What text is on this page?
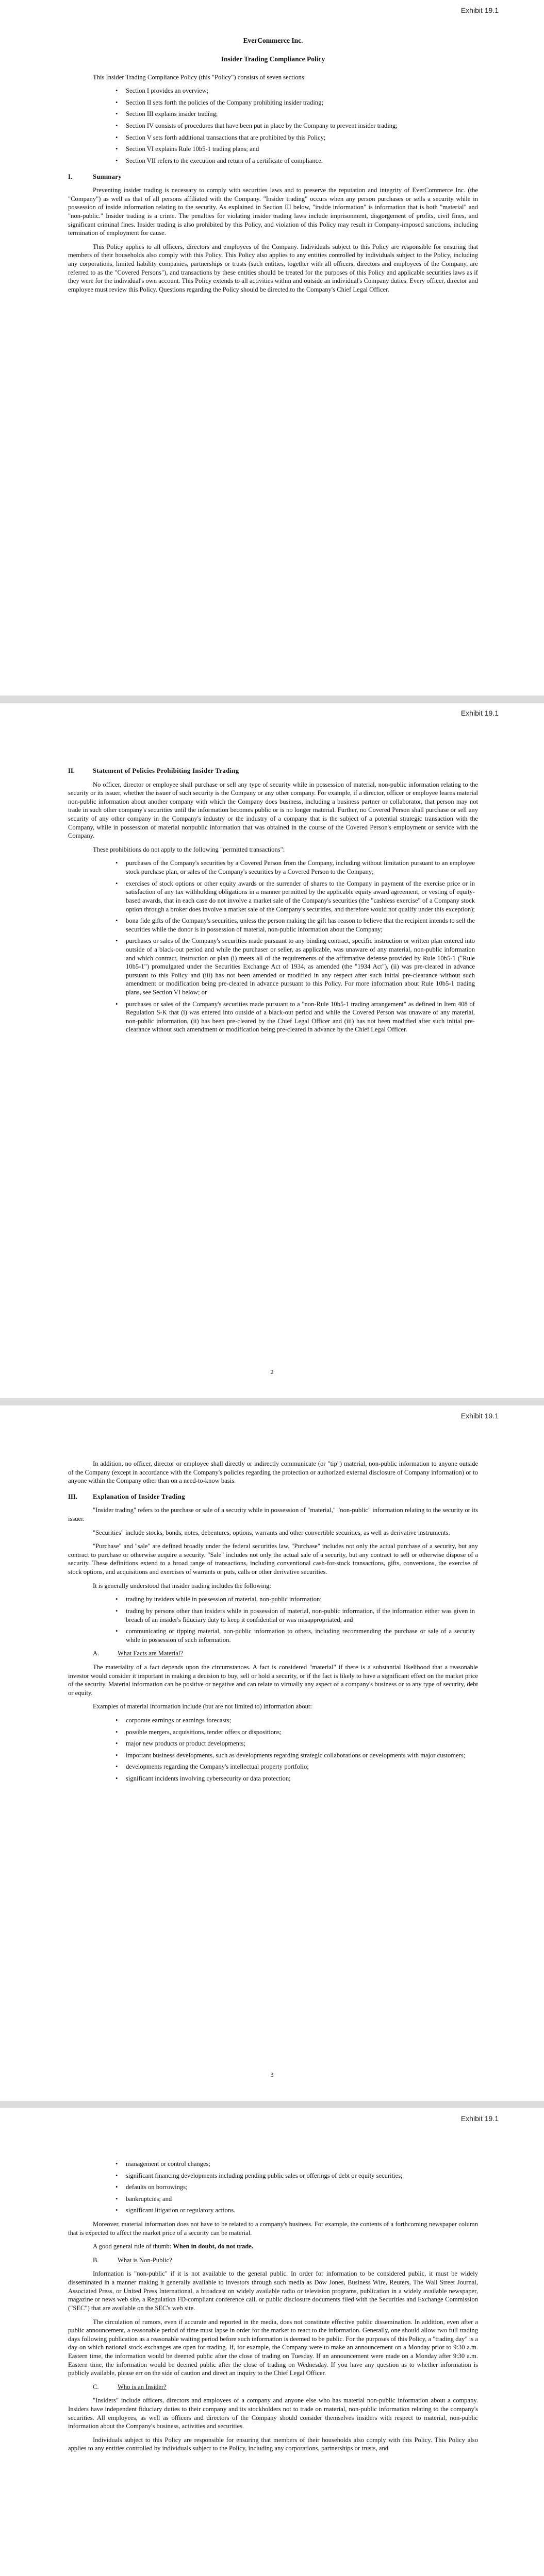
Exhibit 19.1
EverCommerce Inc.
Insider Trading Compliance Policy

This Insider Trading Compliance Policy (this "Policy") consists of seven sections:

• Section I provides an overview;
• Section II sets forth the policies of the Company prohibiting insider trading;
• Section III explains insider trading;
• Section IV consists of procedures that have been put in place by the Company to prevent insider trading;
• Section V sets forth additional transactions that are prohibited by this Policy;
• Section VI explains Rule 10b5-1 trading plans; and
• Section VII refers to the execution and return of a certificate of compliance.
I.	Summary

Preventing insider trading is necessary to comply with securities laws and to preserve the reputation and integrity of EverCommerce Inc. (the "Company") as well as that of all persons affiliated with the Company. "Insider trading" occurs when any person purchases or sells a security while in possession of inside information relating to the security. As explained in Section III below, "inside information" is information that is both "material" and "non-public." Insider trading is a crime. The penalties for violating insider trading laws include imprisonment, disgorgement of profits, civil fines, and significant criminal fines. Insider trading is also prohibited by this Policy, and violation of this Policy may result in Company-imposed sanctions, including termination of employment for cause.

This Policy applies to all officers, directors and employees of the Company. Individuals subject to this Policy are responsible for ensuring that members of their households also comply with this Policy. This Policy also applies to any entities controlled by individuals subject to the Policy, including any corporations, limited liability companies, partnerships or trusts (such entities, together with all officers, directors and employees of the Company, are referred to as the "Covered Persons"), and transactions by these entities should be treated for the purposes of this Policy and applicable securities laws as if they were for the individual's own account. This Policy extends to all activities within and outside an individual's Company duties. Every officer, director and employee must review this Policy. Questions regarding the Policy should be directed to the Company's Chief Legal Officer.

Exhibit 19.1
II.	Statement of Policies Prohibiting Insider Trading

No officer, director or employee shall purchase or sell any type of security while in possession of material, non-public information relating to the security or its issuer, whether the issuer of such security is the Company or any other company. For example, if a director, officer or employee learns material non-public information about another company with which the Company does business, including a business partner or collaborator, that person may not trade in such other company's securities until the information becomes public or is no longer material. Further, no Covered Person shall purchase or sell any security of any other company in the Company's industry or the industry of a company that is the subject of a potential strategic transaction with the Company, while in possession of material nonpublic information that was obtained in the course of the Covered Person's employment or service with the Company.

These prohibitions do not apply to the following "permitted transactions":

• purchases of the Company's securities by a Covered Person from the Company, including without limitation pursuant to an employee stock purchase plan, or sales of the Company's securities by a Covered Person to the Company;
• exercises of stock options or other equity awards or the surrender of shares to the Company in payment of the exercise price or in satisfaction of any tax withholding obligations in a manner permitted by the applicable equity award agreement, or vesting of equity-based awards, that in each case do not involve a market sale of the Company's securities (the "cashless exercise" of a Company stock option through a broker does involve a market sale of the Company's securities, and therefore would not qualify under this exception);
• bona fide gifts of the Company's securities, unless the person making the gift has reason to believe that the recipient intends to sell the securities while the donor is in possession of material, non-public information about the Company;
• purchases or sales of the Company's securities made pursuant to any binding contract, specific instruction or written plan entered into outside of a black-out period and while the purchaser or seller, as applicable, was unaware of any material, non-public information and which contract, instruction or plan (i) meets all of the requirements of the affirmative defense provided by Rule 10b5-1 ("Rule 10b5-1") promulgated under the Securities Exchange Act of 1934, as amended (the "1934 Act"), (ii) was pre-cleared in advance pursuant to this Policy and (iii) has not been amended or modified in any respect after such initial pre-clearance without such amendment or modification being pre-cleared in advance pursuant to this Policy. For more information about Rule 10b5-1 trading plans, see Section VI below; or
• purchases or sales of the Company's securities made pursuant to a "non-Rule 10b5-1 trading arrangement" as defined in Item 408 of Regulation S-K that (i) was entered into outside of a black-out period and while the Covered Person was unaware of any material, non-public information, (ii) has been pre-cleared by the Chief Legal Officer and (iii) has not been modified after such initial pre-clearance without such amendment or modification being pre-cleared in advance by the Chief Legal Officer.
2
Exhibit 19.1

In addition, no officer, director or employee shall directly or indirectly communicate (or "tip") material, non-public information to anyone outside of the Company (except in accordance with the Company's policies regarding the protection or authorized external disclosure of Company information) or to anyone within the Company other than on a need-to-know basis.

III.	Explanation of Insider Trading

"Insider trading" refers to the purchase or sale of a security while in possession of "material," "non-public" information relating to the security or its issuer.

"Securities" include stocks, bonds, notes, debentures, options, warrants and other convertible securities, as well as derivative instruments.

"Purchase" and "sale" are defined broadly under the federal securities law. "Purchase" includes not only the actual purchase of a security, but any contract to purchase or otherwise acquire a security. "Sale" includes not only the actual sale of a security, but any contract to sell or otherwise dispose of a security. These definitions extend to a broad range of transactions, including conventional cash-for-stock transactions, gifts, conversions, the exercise of stock options, and acquisitions and exercises of warrants or puts, calls or other derivative securities.

It is generally understood that insider trading includes the following:

• trading by insiders while in possession of material, non-public information;
• trading by persons other than insiders while in possession of material, non-public information, if the information either was given in breach of an insider's fiduciary duty to keep it confidential or was misappropriated; and
• communicating or tipping material, non-public information to others, including recommending the purchase or sale of a security while in possession of such information.
A.	What Facts are Material?

The materiality of a fact depends upon the circumstances. A fact is considered "material" if there is a substantial likelihood that a reasonable investor would consider it important in making a decision to buy, sell or hold a security, or if the fact is likely to have a significant effect on the market price of the security. Material information can be positive or negative and can relate to virtually any aspect of a company's business or to any type of security, debt or equity.

Examples of material information include (but are not limited to) information about:

• corporate earnings or earnings forecasts;
• possible mergers, acquisitions, tender offers or dispositions;
• major new products or product developments;
• important business developments, such as developments regarding strategic collaborations or developments with major customers;
• developments regarding the Company's intellectual property portfolio;
• significant incidents involving cybersecurity or data protection;
3
Exhibit 19.1
• management or control changes;
• significant financing developments including pending public sales or offerings of debt or equity securities;
• defaults on borrowings;
• bankruptcies; and
• significant litigation or regulatory actions.

Moreover, material information does not have to be related to a company's business. For example, the contents of a forthcoming newspaper column that is expected to affect the market price of a security can be material.

A good general rule of thumb: When in doubt, do not trade.

B.	What is Non-Public?

Information is "non-public" if it is not available to the general public. In order for information to be considered public, it must be widely disseminated in a manner making it generally available to investors through such media as Dow Jones, Business Wire, Reuters, The Wall Street Journal, Associated Press, or United Press International, a broadcast on widely available radio or television programs, publication in a widely available newspaper, magazine or news web site, a Regulation FD-compliant conference call, or public disclosure documents filed with the Securities and Exchange Commission ("SEC") that are available on the SEC's web site.

The circulation of rumors, even if accurate and reported in the media, does not constitute effective public dissemination. In addition, even after a public announcement, a reasonable period of time must lapse in order for the market to react to the information. Generally, one should allow two full trading days following publication as a reasonable waiting period before such information is deemed to be public. For the purposes of this Policy, a "trading day" is a day on which national stock exchanges are open for trading. If, for example, the Company were to make an announcement on a Monday prior to 9:30 a.m. Eastern time, the information would be deemed public after the close of trading on Tuesday. If an announcement were made on a Monday after 9:30 a.m. Eastern time, the information would be deemed public after the close of trading on Wednesday. If you have any question as to whether information is publicly available, please err on the side of caution and direct an inquiry to the Chief Legal Officer.

C.	Who is an Insider?

"Insiders" include officers, directors and employees of a company and anyone else who has material non-public information about a company. Insiders have independent fiduciary duties to their company and its stockholders not to trade on material, non-public information relating to the company's securities. All employees, as well as officers and directors of the Company should consider themselves insiders with respect to material, non-public information about the Company's business, activities and securities.

Individuals subject to this Policy are responsible for ensuring that members of their households also comply with this Policy. This Policy also applies to any entities controlled by individuals subject to the Policy, including any corporations, partnerships or trusts, and
